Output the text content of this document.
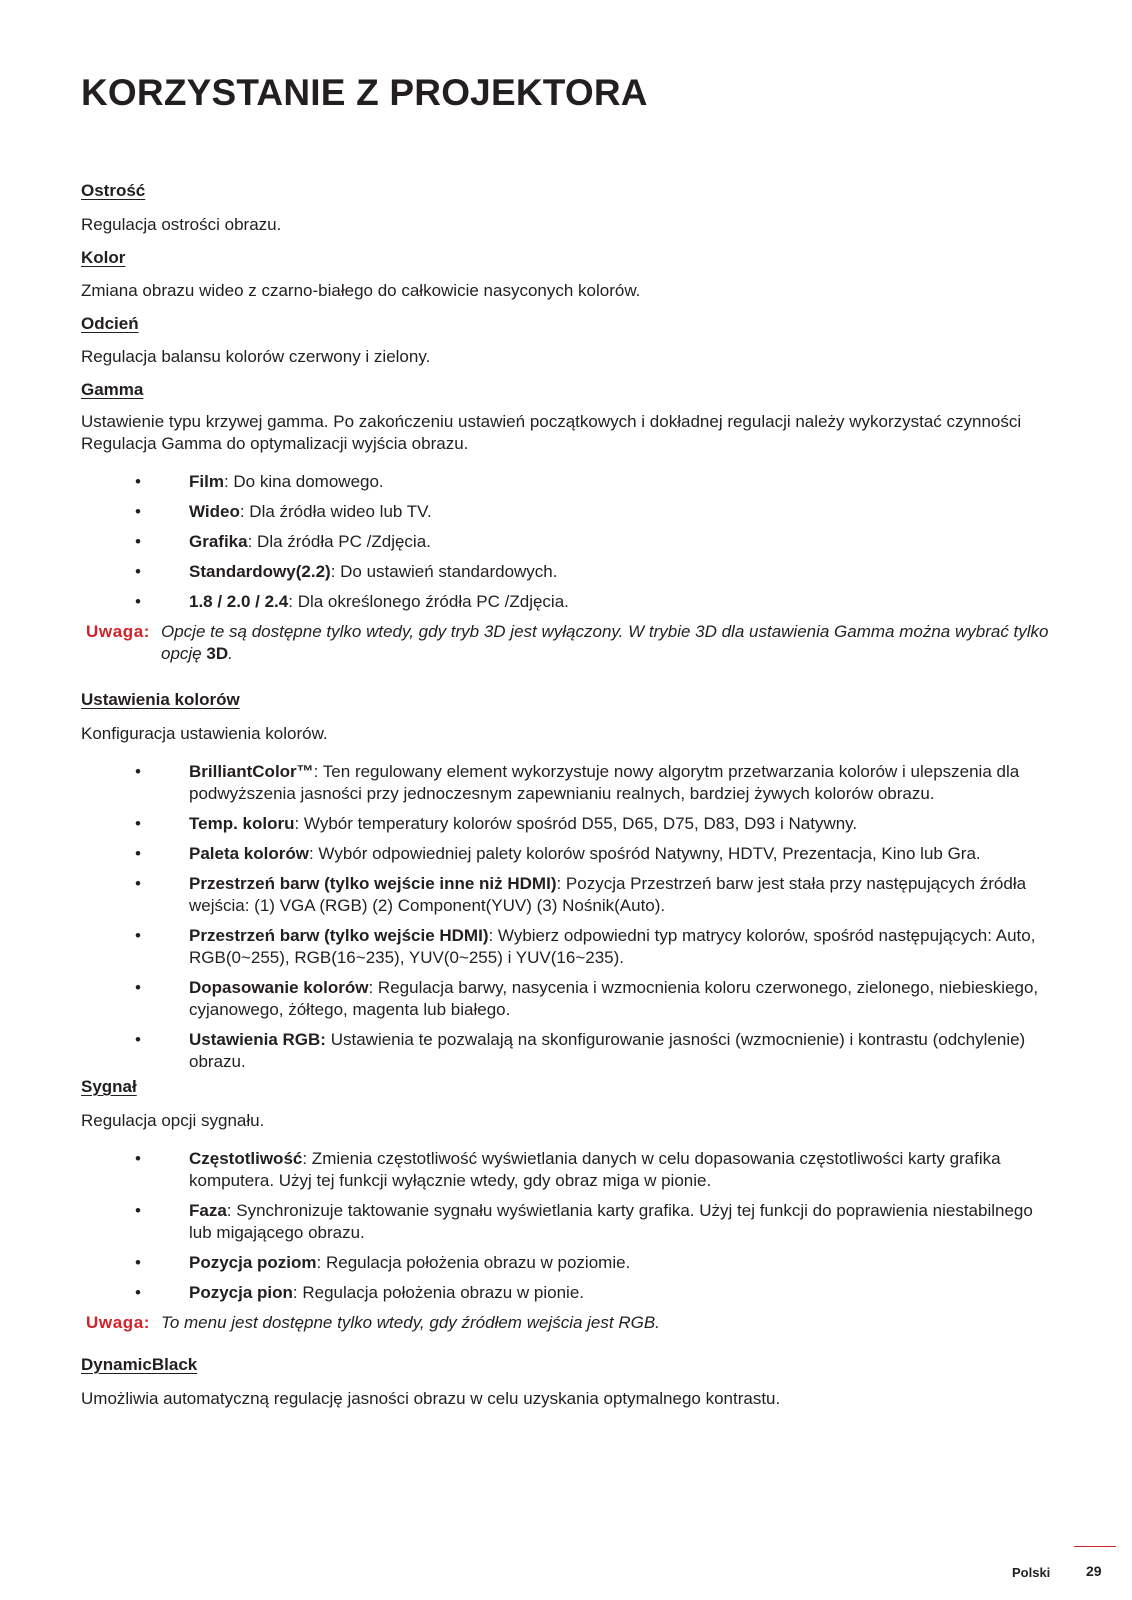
KORZYSTANIE Z PROJEKTORA

Ostrość

Regulacja ostrości obrazu.

Kolor

Zmiana obrazu wideo z czarno-białego do całkowicie nasyconych kolorów.

Odcień

Regulacja balansu kolorów czerwony i zielony.

Gamma

Ustawienie typu krzywej gamma. Po zakończeniu ustawień początkowych i dokładnej regulacji należy wykorzystać czynności Regulacja Gamma do optymalizacji wyjścia obrazu.

•	Film: Do kina domowego.
•	Wideo: Dla źródła wideo lub TV.
•	Grafika: Dla źródła PC /Zdjęcia.
•	Standardowy(2.2): Do ustawień standardowych.
•	1.8 / 2.0 / 2.4: Dla określonego źródła PC /Zdjęcia.
Uwaga: Opcje te są dostępne tylko wtedy, gdy tryb 3D jest wyłączony. W trybie 3D dla ustawienia Gamma można wybrać tylko opcję 3D.

Ustawienia kolorów

Konfiguracja ustawienia kolorów.

•	BrilliantColor™: Ten regulowany element wykorzystuje nowy algorytm przetwarzania kolorów i ulepszenia dla podwyższenia jasności przy jednoczesnym zapewnianiu realnych, bardziej żywych kolorów obrazu.
•	Temp. koloru: Wybór temperatury kolorów spośród D55, D65, D75, D83, D93 i Natywny.
•	Paleta kolorów: Wybór odpowiedniej palety kolorów spośród Natywny, HDTV, Prezentacja, Kino lub Gra.
•	Przestrzeń barw (tylko wejście inne niż HDMI): Pozycja Przestrzeń barw jest stała przy następujących źródła wejścia: (1) VGA (RGB) (2) Component(YUV) (3) Nośnik(Auto).
•	Przestrzeń barw (tylko wejście HDMI): Wybierz odpowiedni typ matrycy kolorów, spośród następujących: Auto, RGB(0~255), RGB(16~235), YUV(0~255) i YUV(16~235).
•	Dopasowanie kolorów: Regulacja barwy, nasycenia i wzmocnienia koloru czerwonego, zielonego, niebieskiego, cyjanowego, żółtego, magenta lub białego.
•	Ustawienia RGB: Ustawienia te pozwalają na skonfigurowanie jasności (wzmocnienie) i kontrastu (odchylenie) obrazu.

Sygnał

Regulacja opcji sygnału.

•	Częstotliwość: Zmienia częstotliwość wyświetlania danych w celu dopasowania częstotliwości karty grafika komputera. Użyj tej funkcji wyłącznie wtedy, gdy obraz miga w pionie.
•	Faza: Synchronizuje taktowanie sygnału wyświetlania karty grafika. Użyj tej funkcji do poprawienia niestabilnego lub migającego obrazu.
•	Pozycja poziom: Regulacja położenia obrazu w poziomie.
•	Pozycja pion: Regulacja położenia obrazu w pionie.
Uwaga: To menu jest dostępne tylko wtedy, gdy źródłem wejścia jest RGB.

DynamicBlack

Umożliwia automatyczną regulację jasności obrazu w celu uzyskania optymalnego kontrastu.

Polski	29
